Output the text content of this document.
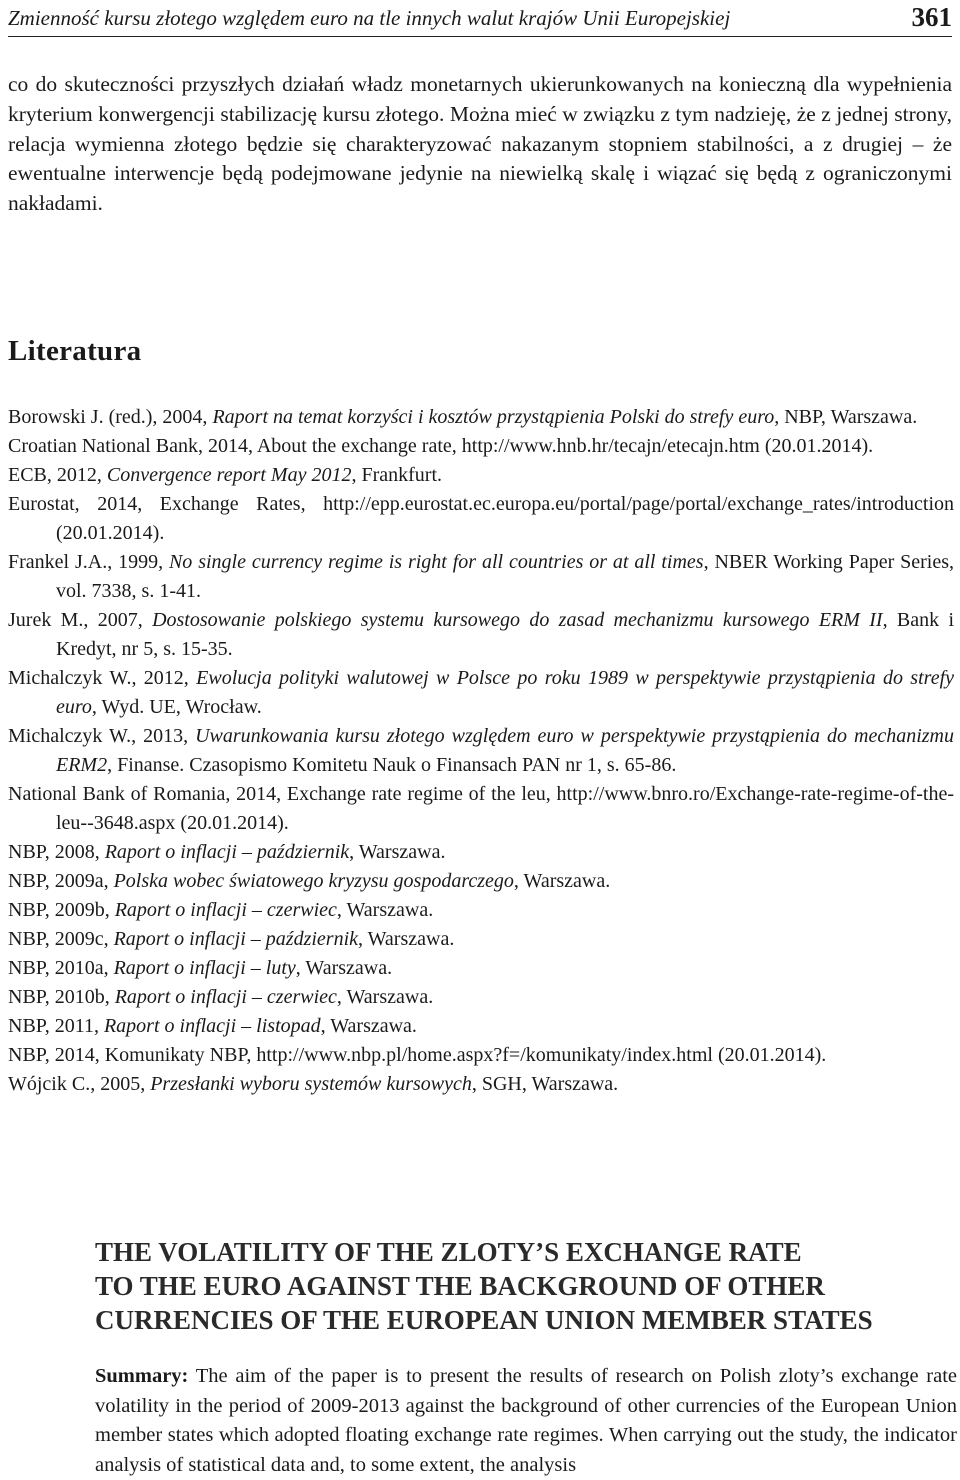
Zmienność kursu złotego względem euro na tle innych walut krajów Unii Europejskiej	361

co do skuteczności przyszłych działań władz monetarnych ukierunkowanych na konieczną dla wypełnienia kryterium konwergencji stabilizację kursu złotego. Można mieć w związku z tym nadzieję, że z jednej strony, relacja wymienna złotego będzie się charakteryzować nakazanym stopniem stabilności, a z drugiej – że ewentualne interwencje będą podejmowane jedynie na niewielką skalę i wiązać się będą z ograniczonymi nakładami.

Literatura
Borowski J. (red.), 2004, Raport na temat korzyści i kosztów przystąpienia Polski do strefy euro, NBP, Warszawa.
Croatian National Bank, 2014, About the exchange rate, http://www.hnb.hr/tecajn/etecajn.htm (20.01.2014).
ECB, 2012, Convergence report May 2012, Frankfurt.
Eurostat, 2014, Exchange Rates, http://epp.eurostat.ec.europa.eu/portal/page/portal/exchange_rates/introduction (20.01.2014).
Frankel J.A., 1999, No single currency regime is right for all countries or at all times, NBER Working Paper Series, vol. 7338, s. 1-41.
Jurek M., 2007, Dostosowanie polskiego systemu kursowego do zasad mechanizmu kursowego ERM II, Bank i Kredyt, nr 5, s. 15-35.
Michalczyk W., 2012, Ewolucja polityki walutowej w Polsce po roku 1989 w perspektywie przystąpienia do strefy euro, Wyd. UE, Wrocław.
Michalczyk W., 2013, Uwarunkowania kursu złotego względem euro w perspektywie przystąpienia do mechanizmu ERM2, Finanse. Czasopismo Komitetu Nauk o Finansach PAN nr 1, s. 65-86.
National Bank of Romania, 2014, Exchange rate regime of the leu, http://www.bnro.ro/Exchange-rate-regime-of-the-leu--3648.aspx (20.01.2014).
NBP, 2008, Raport o inflacji – październik, Warszawa.
NBP, 2009a, Polska wobec światowego kryzysu gospodarczego, Warszawa.
NBP, 2009b, Raport o inflacji – czerwiec, Warszawa.
NBP, 2009c, Raport o inflacji – październik, Warszawa.
NBP, 2010a, Raport o inflacji – luty, Warszawa.
NBP, 2010b, Raport o inflacji – czerwiec, Warszawa.
NBP, 2011, Raport o inflacji – listopad, Warszawa.
NBP, 2014, Komunikaty NBP, http://www.nbp.pl/home.aspx?f=/komunikaty/index.html (20.01.2014).
Wójcik C., 2005, Przesłanki wyboru systemów kursowych, SGH, Warszawa.
THE VOLATILITY OF THE ZLOTY’S EXCHANGE RATE
TO THE EURO AGAINST THE BACKGROUND OF OTHER
CURRENCIES OF THE EUROPEAN UNION MEMBER STATES

Summary: The aim of the paper is to present the results of research on Polish zloty’s exchange rate volatility in the period of 2009-2013 against the background of other currencies of the European Union member states which adopted floating exchange rate regimes. When carrying out the study, the indicator analysis of statistical data and, to some extent, the analysis
